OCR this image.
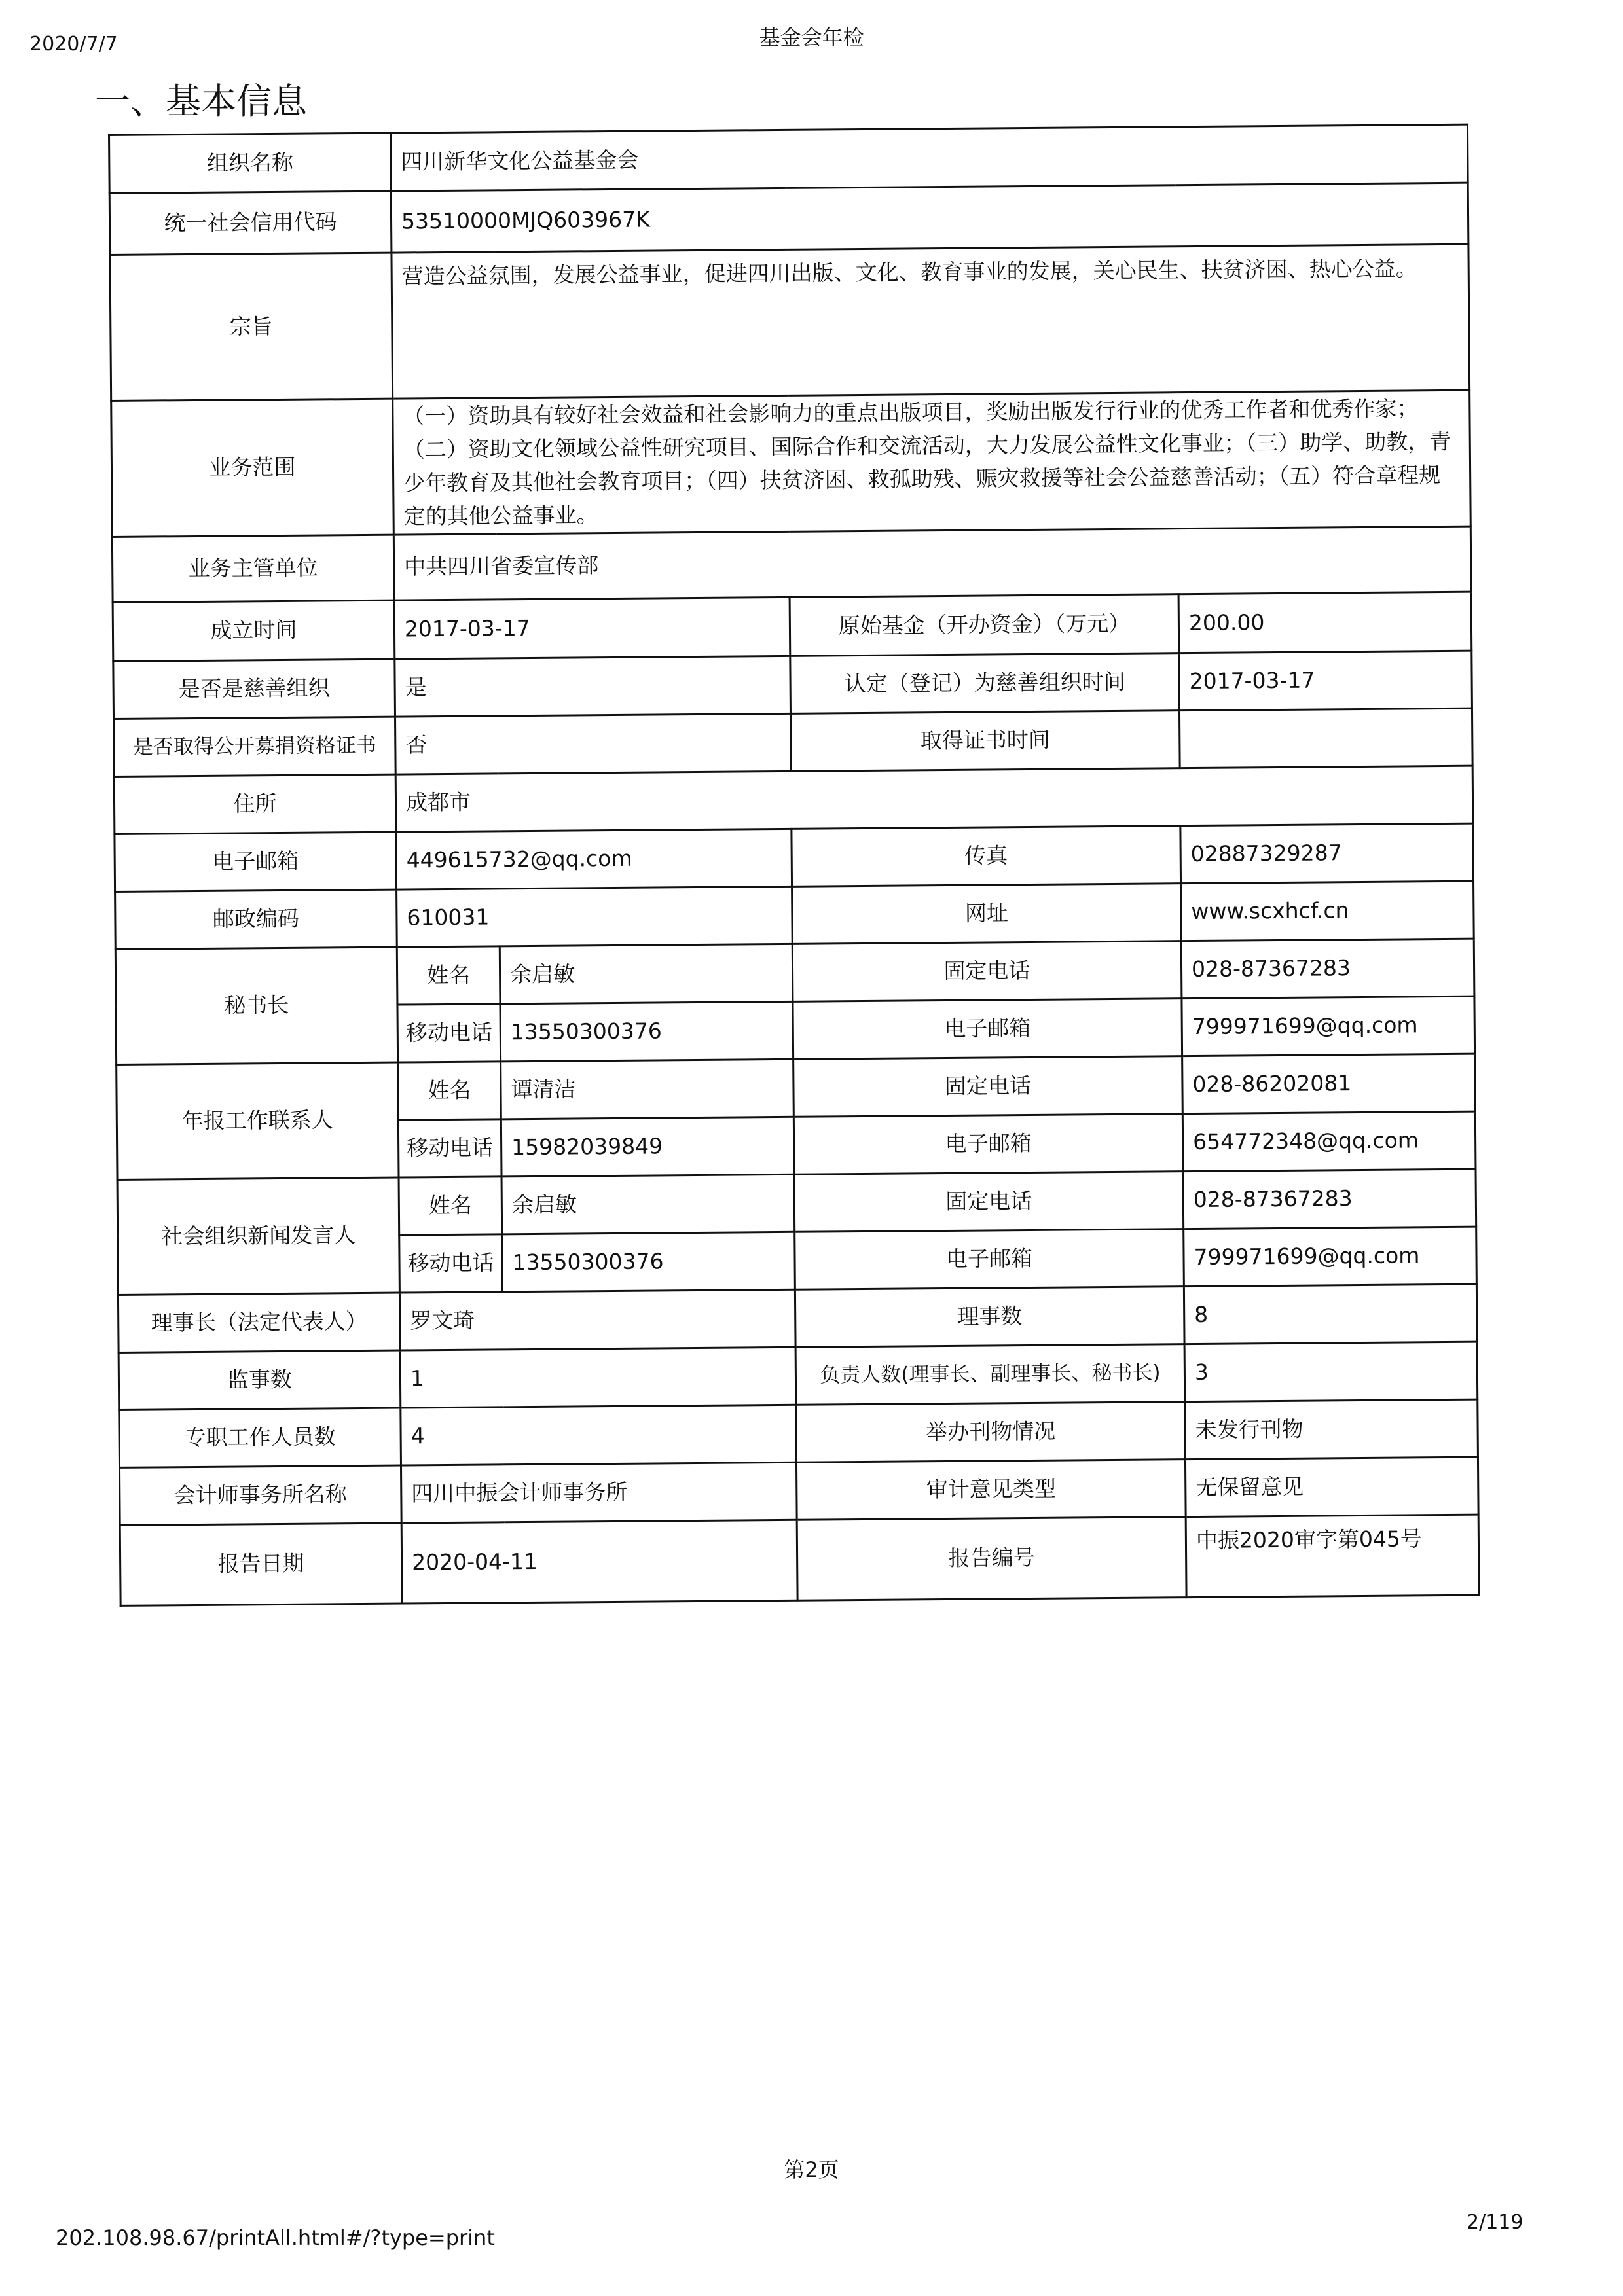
2020/7/7	基金会年检
一、基本信息
组织名称	四川新华文化公益基金会			
统一社会信用代码	53510000MJQ603967K			
宗旨	营造公益氛围，发展公益事业，促进四川出版、文化、教育事业的发展，关心民生、扶贫济困、热心公益。			
业务范围	（一）资助具有较好社会效益和社会影响力的重点出版项目，奖励出版发行行业的优秀工作者和优秀作家；（二）资助文化领域公益性研究项目、国际合作和交流活动，大力发展公益性文化事业；（三）助学、助教，青少年教育及其他社会教育项目；（四）扶贫济困、救孤助残、赈灾救援等社会公益慈善活动；（五）符合章程规定的其他公益事业。			
业务主管单位	中共四川省委宣传部			
成立时间	2017-03-17		原始基金（开办资金）（万元）	200.00
是否是慈善组织	是		认定（登记）为慈善组织时间	2017-03-17
是否取得公开募捐资格证书	否		取得证书时间	
住所	成都市			
电子邮箱	449615732@qq.com		传真	02887329287
邮政编码	610031		网址	www.scxhcf.cn
秘书长	姓名	余启敏	固定电话	028-87367283
	移动电话	13550300376	电子邮箱	799971699@qq.com
年报工作联系人	姓名	谭清洁	固定电话	028-86202081
	移动电话	15982039849	电子邮箱	654772348@qq.com
社会组织新闻发言人	姓名	余启敏	固定电话	028-87367283
	移动电话	13550300376	电子邮箱	799971699@qq.com
理事长（法定代表人）	罗文琦		理事数	8
监事数	1		负责人数(理事长、副理事长、秘书长)	3
专职工作人员数	4		举办刊物情况	未发行刊物
会计师事务所名称	四川中振会计师事务所		审计意见类型	无保留意见
报告日期	2020-04-11		报告编号	中振2020审字第045号
第2页
202.108.98.67/printAll.html#/?type=print
2/119
